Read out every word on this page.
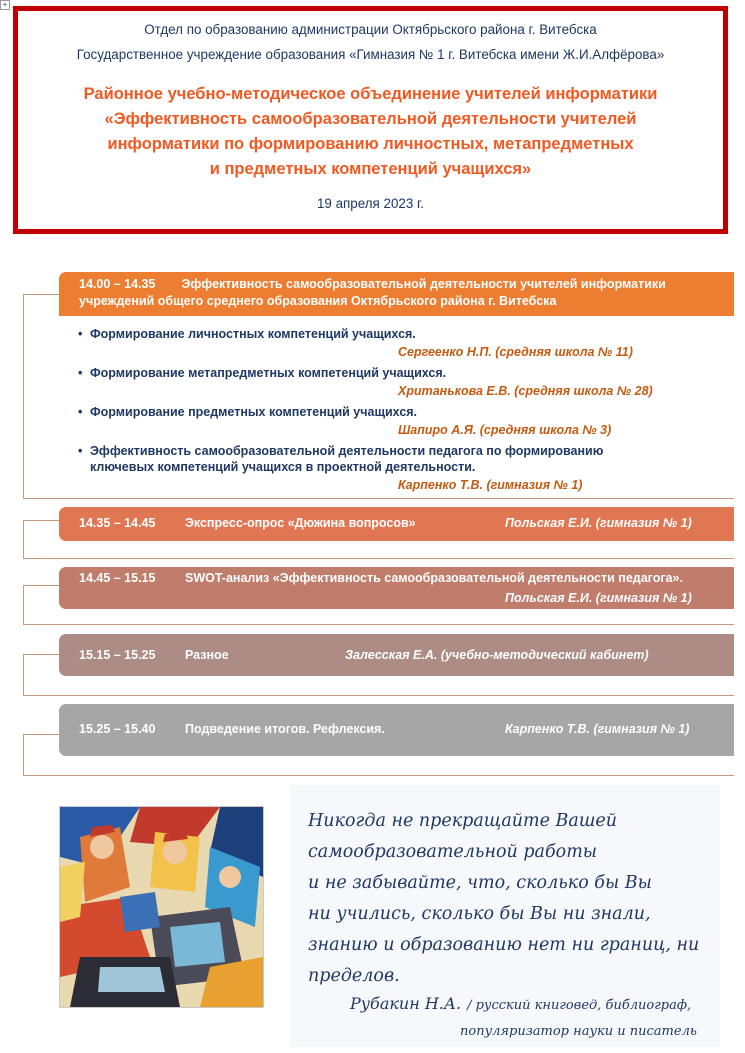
+
Отдел по образованию администрации Октябрьского района г. Витебска
Государственное учреждение образования «Гимназия № 1 г. Витебска имени Ж.И.Алфёрова»
Районное учебно-методическое объединение учителей информатики
«Эффективность самообразовательной деятельности учителей
информатики по формированию личностных, метапредметных
и предметных компетенций учащихся»
19 апреля 2023 г.
14.00 – 14.35 Эффективность самообразовательной деятельности учителей информатики
учреждений общего среднего образования Октябрьского района г. Витебска
• Формирование личностных компетенций учащихся.
Сергеенко Н.П. (средняя школа № 11)
• Формирование метапредметных компетенций учащихся.
Хританькова Е.В. (средняя школа № 28)
• Формирование предметных компетенций учащихся.
Шапиро А.Я. (средняя школа № 3)
• Эффективность самообразовательной деятельности педагога по формированию ключевых компетенций учащихся в проектной деятельности.
Карпенко Т.В. (гимназия № 1)
14.35 – 14.45 Экспресс-опрос «Дюжина вопросов»	Польская Е.И. (гимназия № 1)
14.45 – 15.15 SWOT-анализ «Эффективность самообразовательной деятельности педагога».
Польская Е.И. (гимназия № 1)
15.15 – 15.25 Разное	Залесская Е.А. (учебно-методический кабинет)
15.25 – 15.40 Подведение итогов. Рефлексия.	Карпенко Т.В. (гимназия № 1)
Никогда не прекращайте Вашей
самообразовательной работы
и не забывайте, что, сколько бы Вы
ни учились, сколько бы Вы ни знали,
знанию и образованию нет ни границ, ни
пределов.
Рубакин Н.А. / русский книговед, библиограф,
популяризатор науки и писатель
